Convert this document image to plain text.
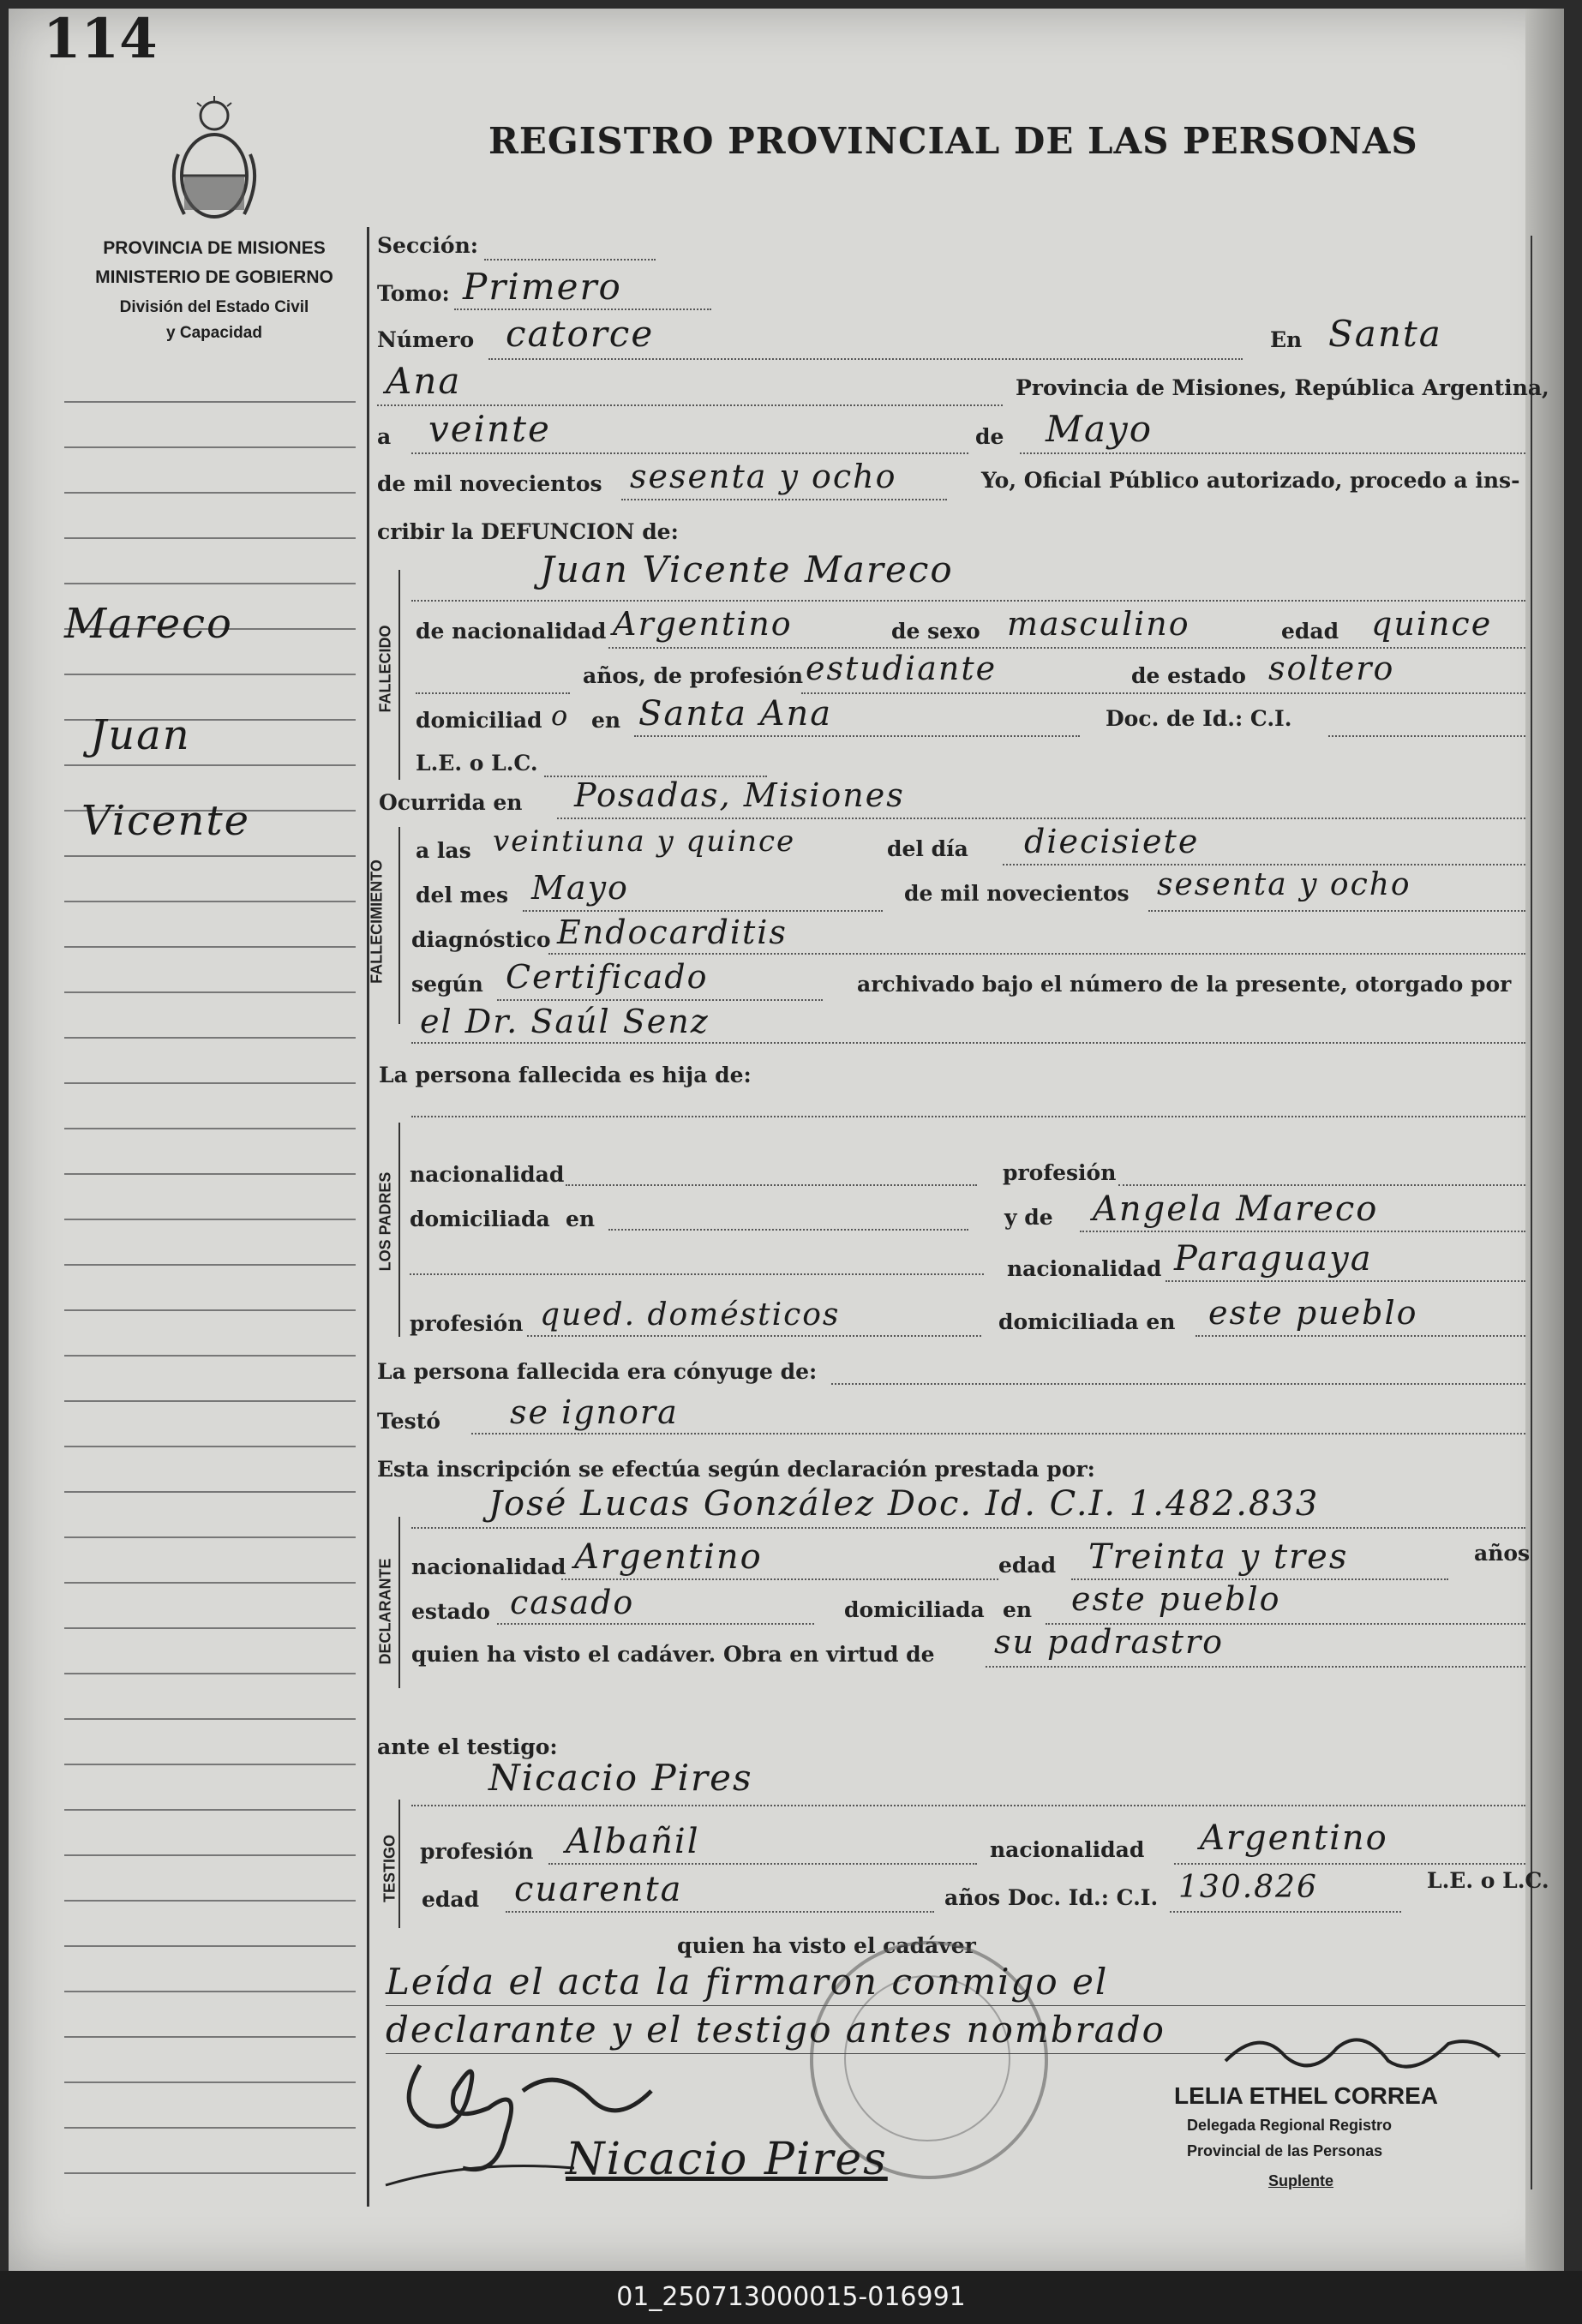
114
REGISTRO PROVINCIAL DE LAS PERSONAS
PROVINCIA DE MISIONES
MINISTERIO DE GOBIERNO
División del Estado Civil
y Capacidad
Mareco
Juan
Vicente
Sección:
Tomo: Primero
Número catorce	En Santa
Ana	Provincia de Misiones, República Argentina,
a veinte	de Mayo
de mil novecientos sesenta y ocho	Yo, Oficial Público autorizado, procedo a ins-
cribir la DEFUNCION de:
FALLECIDO
Juan Vicente Mareco
de nacionalidad Argentino	de sexo masculino	edad quince
años, de profesión estudiante	de estado soltero
domiciliad o en Santa Ana	Doc. de Id.: C.I.
L.E. o L.C.
Ocurrida en Posadas, Misiones
FALLECIMIENTO
a las veintiuna y quince	del día diecisiete
del mes Mayo	de mil novecientos sesenta y ocho
diagnóstico Endocarditis
según Certificado	archivado bajo el número de la presente, otorgado por
el Dr. Saúl Senz
La persona fallecida es hija de:
LOS PADRES nacionalidad	profesión
domiciliada en	y de Angela Mareco
nacionalidad Paraguaya
profesión qued. domésticos	domiciliada en este pueblo
La persona fallecida era cónyuge de:
Testó se ignora
Esta inscripción se efectúa según declaración prestada por:
José Lucas González Doc. Id. C.I. 1.482.833
DECLARANTE nacionalidad Argentino	edad Treinta y tres	años
estado casado	domiciliada en este pueblo
quien ha visto el cadáver. Obra en virtud de su padrastro
ante el testigo:
Nicacio Pires
TESTIGO profesión Albañil	nacionalidad Argentino
edad cuarenta	años Doc. Id.: C.I. 130.826	L.E. o L.C.
quien ha visto el cadáver
Leída el acta la firmaron conmigo el
declarante y el testigo antes nombrado
Nicacio Pires
LELIA ETHEL CORREA
Delegada Regional Registro
Provincial de las Personas
Suplente
01_250713000015-016991
